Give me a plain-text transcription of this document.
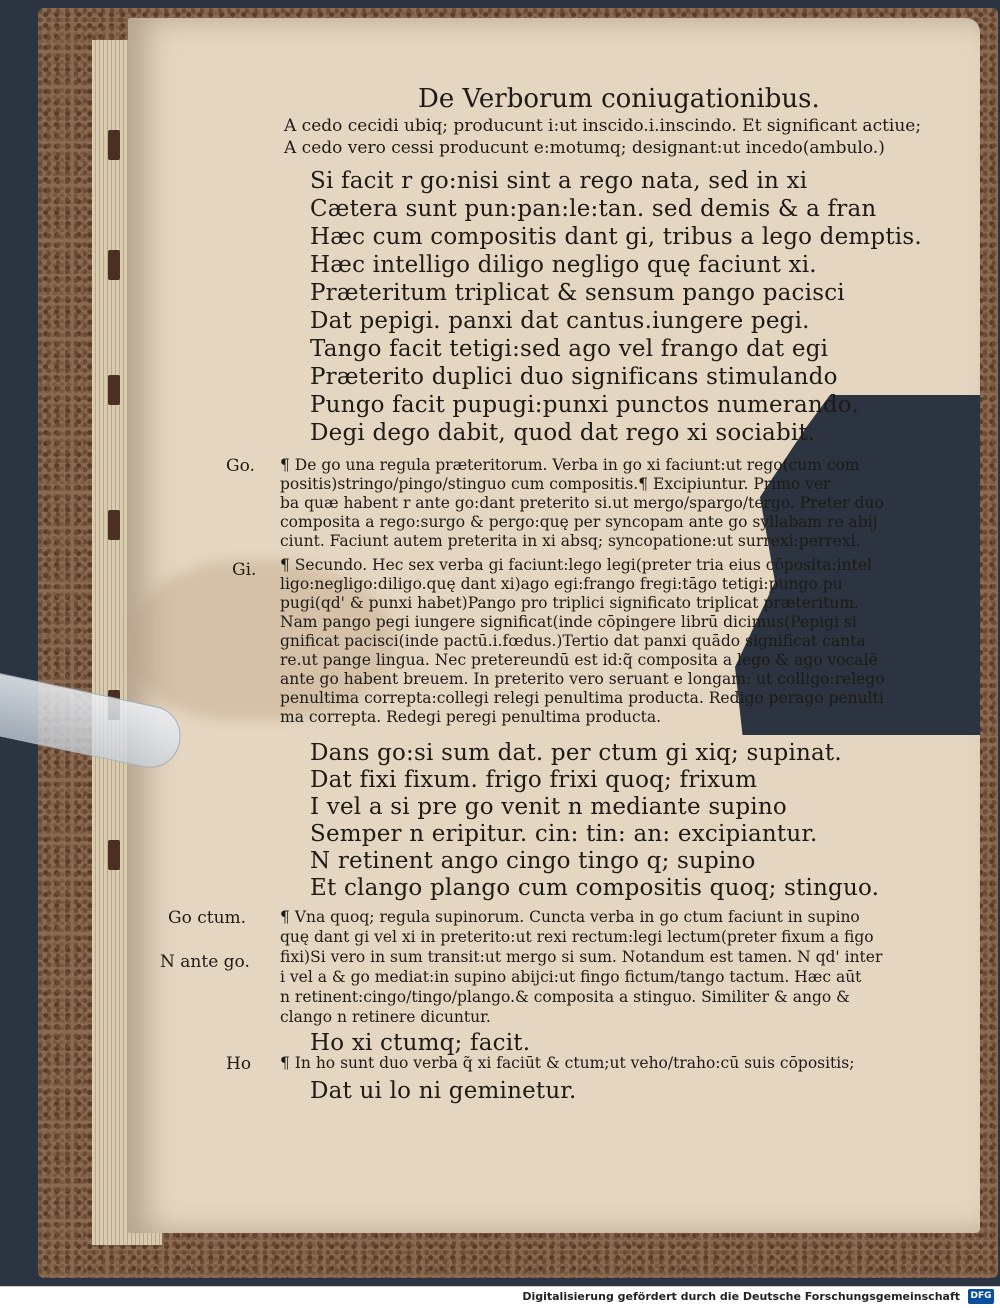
De Verborum coniugationibus.
A cedo cecidi ubiq; producunt i:ut inscido.i.inscindo. Et significant actiue;
A cedo vero cessi producunt e:motumq; designant:ut incedo(ambulo.)
Si facit r go:nisi sint a rego nata, sed in xi
Cætera sunt pun:pan:le:tan. sed demis & a fran
Hæc cum compositis dant gi, tribus a lego demptis.
Hæc intelligo diligo negligo quę faciunt xi.
Præteritum triplicat & sensum pango pacisci
Dat pepigi. panxi dat cantus.iungere pegi.
Tango facit tetigi:sed ago vel frango dat egi
Præterito duplici duo significans stimulando
Pungo facit pupugi:punxi punctos numerando.
Degi dego dabit, quod dat rego xi sociabit.
Go. ¶ De go una regula præteritorum. Verba in go xi faciunt:ut rego(cum com
positis)stringo/pingo/stinguo cum compositis.¶ Excipiuntur. Primo ver
ba quæ habent r ante go:dant preterito si.ut mergo/spargo/tergo. Preter duo
composita a rego:surgo & pergo:quę per syncopam ante go syllabam re abij
ciunt. Faciunt autem preterita in xi absq; syncopatione:ut surrexi:perrexi.
Gi. ¶ Secundo. Hec sex verba gi faciunt:lego legi(preter tria eius cōposita:intel
ligo:negligo:diligo.quę dant xi)ago egi:frango fregi:tāgo tetigi:pungo pu
pugi(qd' & punxi habet)Pango pro triplici significato triplicat præteritum.
Nam pango pegi iungere significat(inde cōpingere librū dicimus(Pepigi si
gnificat pacisci(inde pactū.i.fœdus.)Tertio dat panxi quādo significat canta
re.ut pange lingua. Nec pretereundū est id:q̃ composita a lego & ago vocalē
ante go habent breuem. In preterito vero seruant e longam: ut colligo:relego
penultima correpta:collegi relegi penultima producta. Redigo perago penulti
ma correpta. Redegi peregi penultima producta.
Dans go:si sum dat. per ctum gi xiq; supinat.
Dat fixi fixum. frigo frixi quoq; frixum
I vel a si pre go venit n mediante supino
Semper n eripitur. cin: tin: an: excipiantur.
N retinent ango cingo tingo q; supino
Et clango plango cum compositis quoq; stinguo.
Go ctum.
N ante go.
¶ Vna quoq; regula supinorum. Cuncta verba in go ctum faciunt in supino
quę dant gi vel xi in preterito:ut rexi rectum:legi lectum(preter fixum a figo
fixi)Si vero in sum transit:ut mergo si sum. Notandum est tamen. N qd' inter
i vel a & go mediat:in supino abijci:ut fingo fictum/tango tactum. Hæc aūt
n retinent:cingo/tingo/plango.& composita a stinguo. Similiter & ango &
clango n retinere dicuntur.
Ho xi ctumq; facit.
Ho ¶ In ho sunt duo verba q̃ xi faciūt & ctum;ut veho/traho:cū suis cōpositis;
Dat ui lo ni geminetur.
Digitalisierung gefördert durch die Deutsche Forschungsgemeinschaft DFG
